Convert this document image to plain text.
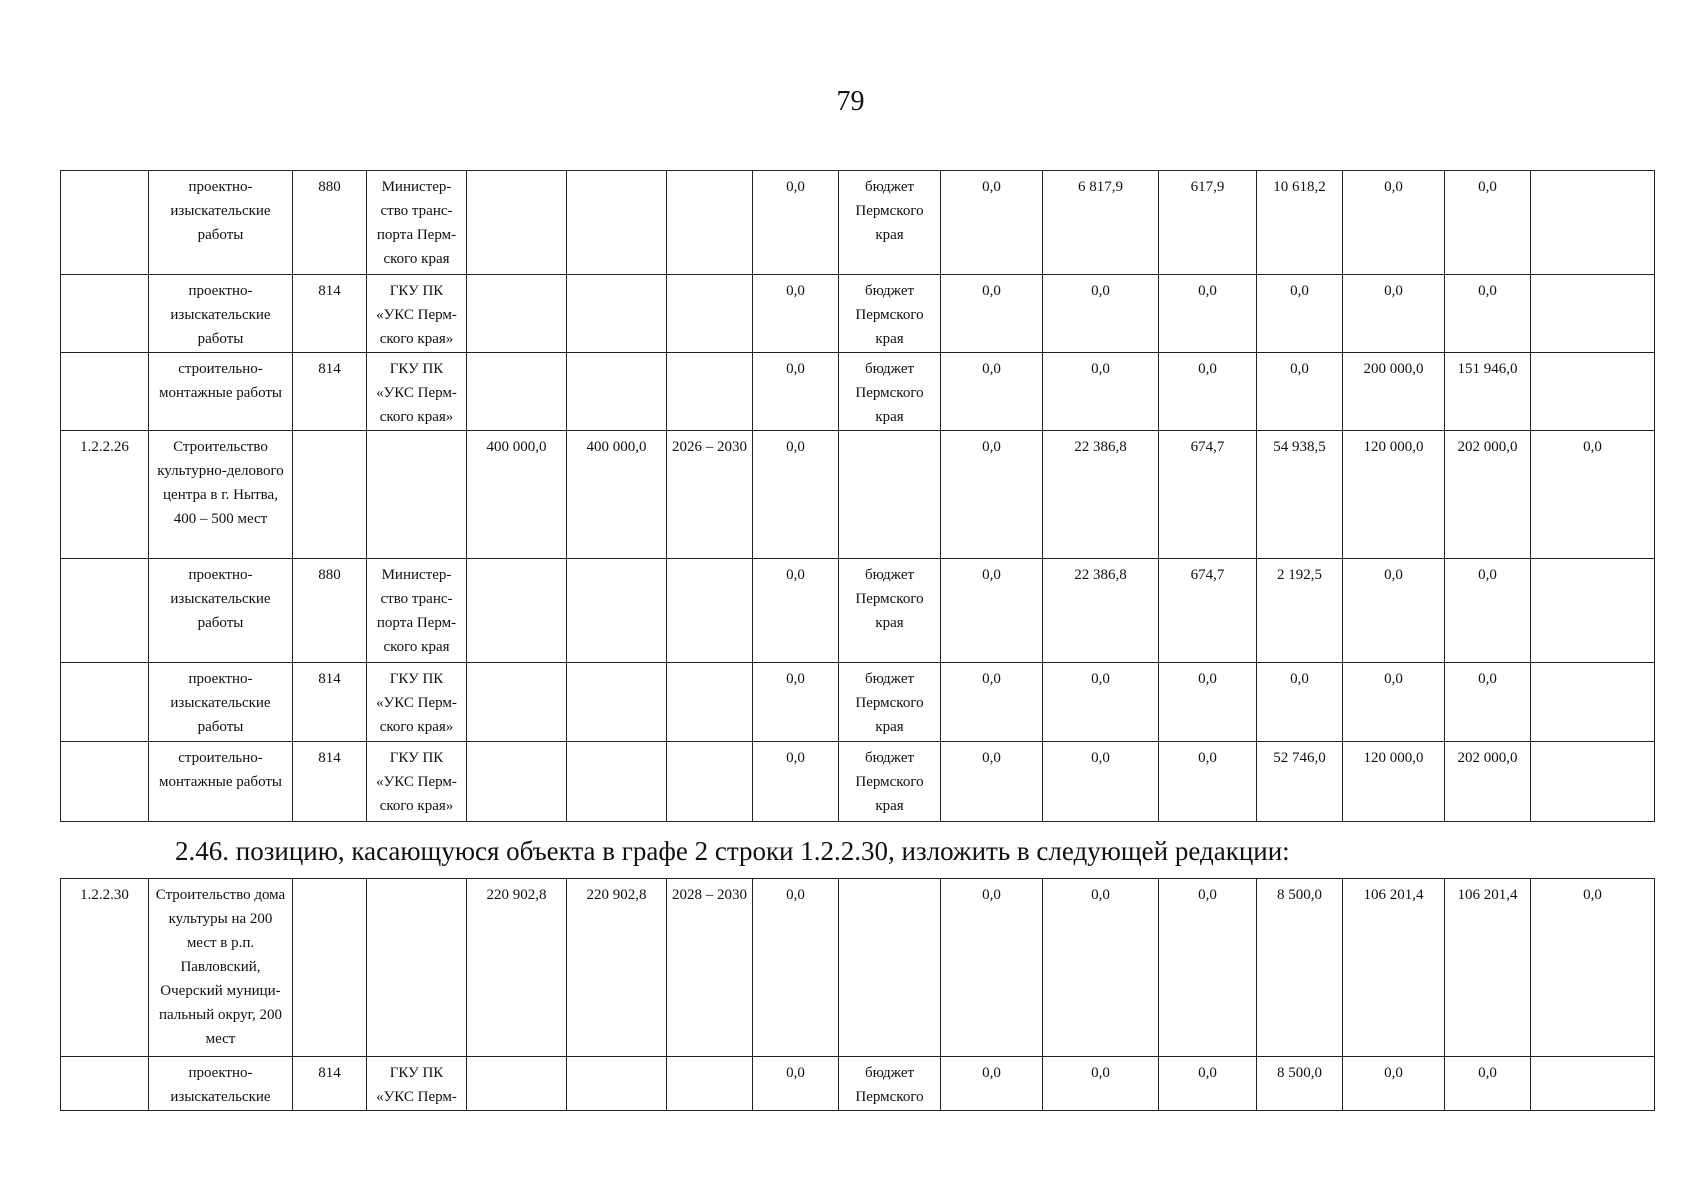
79
	проектно-изыскательские работы	880	Министер-ство транс-порта Перм-ского края				0,0	бюджет Пермского края	0,0	6 817,9	617,9	10 618,2	0,0	0,0	
	проектно-изыскательские работы	814	ГКУ ПК «УКС Перм-ского края»				0,0	бюджет Пермского края	0,0	0,0	0,0	0,0	0,0	0,0	
	строительно-монтажные работы	814	ГКУ ПК «УКС Перм-ского края»				0,0	бюджет Пермского края	0,0	0,0	0,0	0,0	200 000,0	151 946,0	
1.2.2.26	Строительство культурно-делового центра в г. Нытва, 400 – 500 мест			400 000,0	400 000,0	2026 – 2030	0,0		0,0	22 386,8	674,7	54 938,5	120 000,0	202 000,0	0,0
	проектно-изыскательские работы	880	Министер-ство транс-порта Перм-ского края				0,0	бюджет Пермского края	0,0	22 386,8	674,7	2 192,5	0,0	0,0	
	проектно-изыскательские работы	814	ГКУ ПК «УКС Перм-ского края»				0,0	бюджет Пермского края	0,0	0,0	0,0	0,0	0,0	0,0	
	строительно-монтажные работы	814	ГКУ ПК «УКС Перм-ского края»				0,0	бюджет Пермского края	0,0	0,0	0,0	52 746,0	120 000,0	202 000,0	
2.46. позицию, касающуюся объекта в графе 2 строки 1.2.2.30, изложить в следующей редакции:
1.2.2.30	Строительство дома культуры на 200 мест в р.п. Павловский, Очерский муници-пальный округ, 200 мест			220 902,8	220 902,8	2028 – 2030	0,0		0,0	0,0	0,0	8 500,0	106 201,4	106 201,4	0,0
	проектно-изыскательские	814	ГКУ ПК «УКС Перм-				0,0	бюджет Пермского	0,0	0,0	0,0	8 500,0	0,0	0,0	
